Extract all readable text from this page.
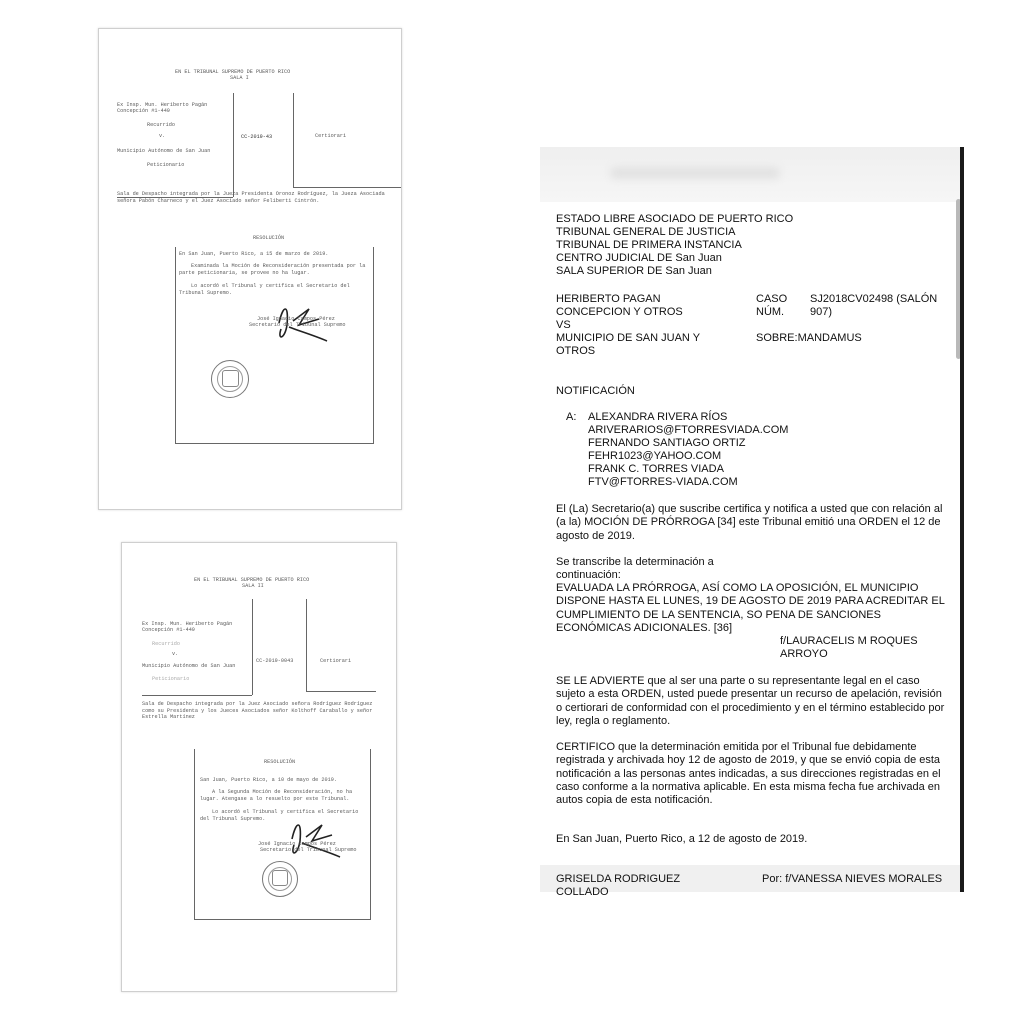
EN EL TRIBUNAL SUPREMO DE PUERTO RICO
SALA I
Ex Insp. Mun. Heriberto Pagán
Concepción #1-449
Recurrido
v.
Municipio Autónomo de San Juan
Peticionario
CC-2019-43	Certiorari
Sala de Despacho integrada por la Jueza Presidenta Oronoz Rodríguez, la Jueza Asociada señora Pabón Charneco y el Juez Asociado señor Feliberti Cintrón.
RESOLUCIÓN
En San Juan, Puerto Rico, a 15 de marzo de 2019.
Examinada la Moción de Reconsideración presentada por la parte peticionaria, se provee no ha lugar.
Lo acordó el Tribunal y certifica el Secretario del Tribunal Supremo.
José Ignacio Campos Pérez
Secretario del Tribunal Supremo
EN EL TRIBUNAL SUPREMO DE PUERTO RICO
SALA II
Ex Insp. Mun. Heriberto Pagán
Concepción #1-449
Recurrido
v.
Municipio Autónomo de San Juan
Peticionario
CC-2019-0043	Certiorari
Sala de Despacho integrada por la Juez Asociado señora Rodríguez Rodríguez como su Presidenta y los Jueces Asociados señor Kolthoff Caraballo y señor Estrella Martínez
RESOLUCIÓN
San Juan, Puerto Rico, a 10 de mayo de 2019.
A la Segunda Moción de Reconsideración, no ha lugar. Atengase a lo resuelto por este Tribunal.
Lo acordó el Tribunal y certifica el Secretario del Tribunal Supremo.
José Ignacio Campos Pérez
Secretario del Tribunal Supremo
ESTADO LIBRE ASOCIADO DE PUERTO RICO
TRIBUNAL GENERAL DE JUSTICIA
TRIBUNAL DE PRIMERA INSTANCIA
CENTRO JUDICIAL DE San Juan
SALA SUPERIOR DE San Juan
HERIBERTO PAGAN
CONCEPCION Y OTROS
VS
MUNICIPIO DE SAN JUAN Y
OTROS
CASO
NÚM.
SJ2018CV02498 (SALÓN 907)
SOBRE:MANDAMUS
NOTIFICACIÓN
A: ALEXANDRA RIVERA RÍOS
ARIVERARIOS@FTORRESVIADA.COM
FERNANDO SANTIAGO ORTIZ
FEHR1023@YAHOO.COM
FRANK C. TORRES VIADA
FTV@FTORRES-VIADA.COM
El (La) Secretario(a) que suscribe certifica y notifica a usted que con relación al (a la) MOCIÓN DE PRÓRROGA [34] este Tribunal emitió una ORDEN el 12 de agosto de 2019.
Se transcribe la determinación a continuación:
EVALUADA LA PRÓRROGA, ASÍ COMO LA OPOSICIÓN, EL MUNICIPIO DISPONE HASTA EL LUNES, 19 DE AGOSTO DE 2019 PARA ACREDITAR EL CUMPLIMIENTO DE LA SENTENCIA, SO PENA DE SANCIONES ECONÓMICAS ADICIONALES. [36]
f/LAURACELIS M ROQUES ARROYO
SE LE ADVIERTE que al ser una parte o su representante legal en el caso sujeto a esta ORDEN, usted puede presentar un recurso de apelación, revisión o certiorari de conformidad con el procedimiento y en el término establecido por ley, regla o reglamento.
CERTIFICO que la determinación emitida por el Tribunal fue debidamente registrada y archivada hoy 12 de agosto de 2019, y que se envió copia de esta notificación a las personas antes indicadas, a sus direcciones registradas en el caso conforme a la normativa aplicable. En esta misma fecha fue archivada en autos copia de esta notificación.
En San Juan, Puerto Rico, a 12 de agosto de 2019.
GRISELDA RODRIGUEZ COLLADO
Por: f/VANESSA NIEVES MORALES
